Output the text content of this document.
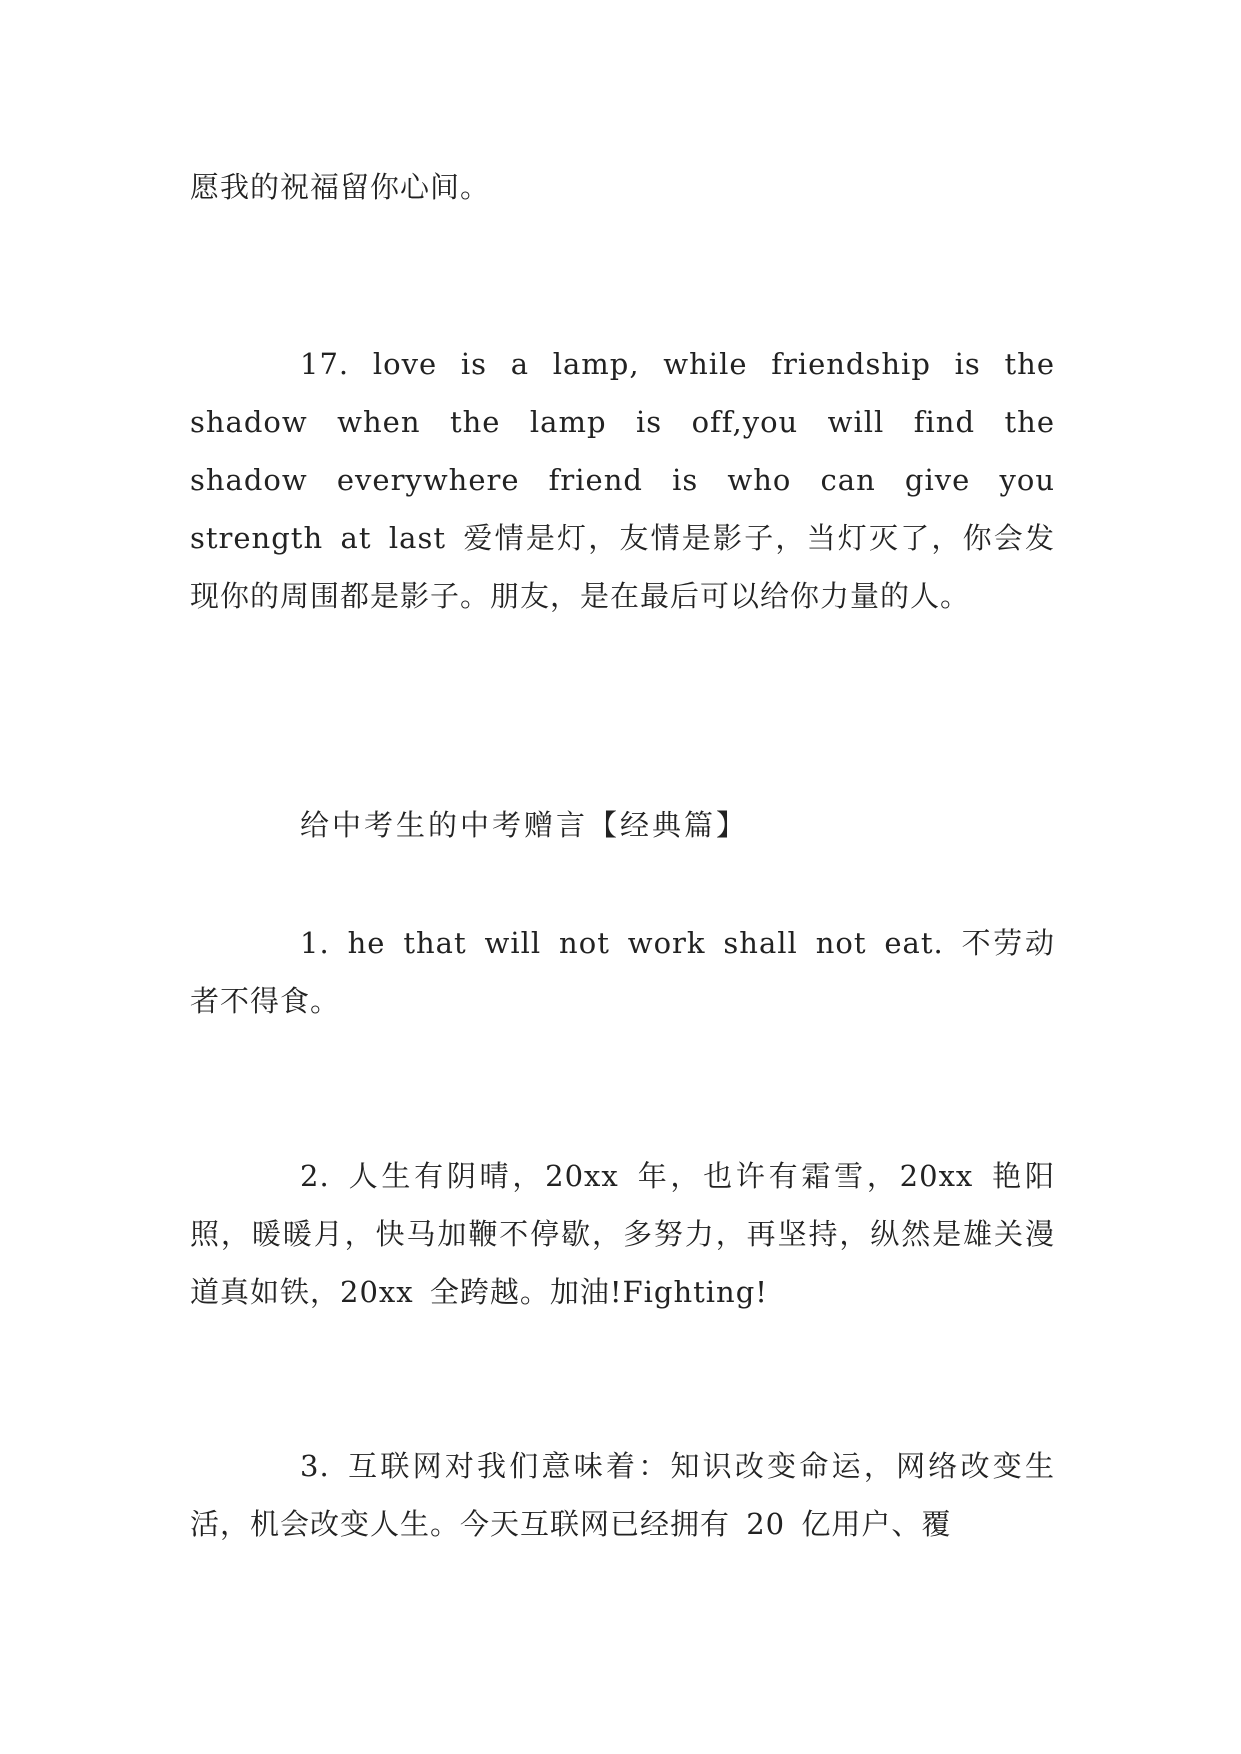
愿我的祝福留你心间。

17. love is a lamp, while friendship is the shadow when the lamp is off,you will find the shadow everywhere friend is who can give you strength at last 爱情是灯，友情是影子，当灯灭了，你会发现你的周围都是影子。朋友，是在最后可以给你力量的人。

给中考生的中考赠言【经典篇】

1. he that will not work shall not eat. 不劳动者不得食。

2. 人生有阴晴，20xx 年，也许有霜雪，20xx 艳阳照，暖暖月，快马加鞭不停歇，多努力，再坚持，纵然是雄关漫道真如铁，20xx 全跨越。加油!Fighting!

3. 互联网对我们意味着：知识改变命运，网络改变生活，机会改变人生。今天互联网已经拥有 20 亿用户、覆
